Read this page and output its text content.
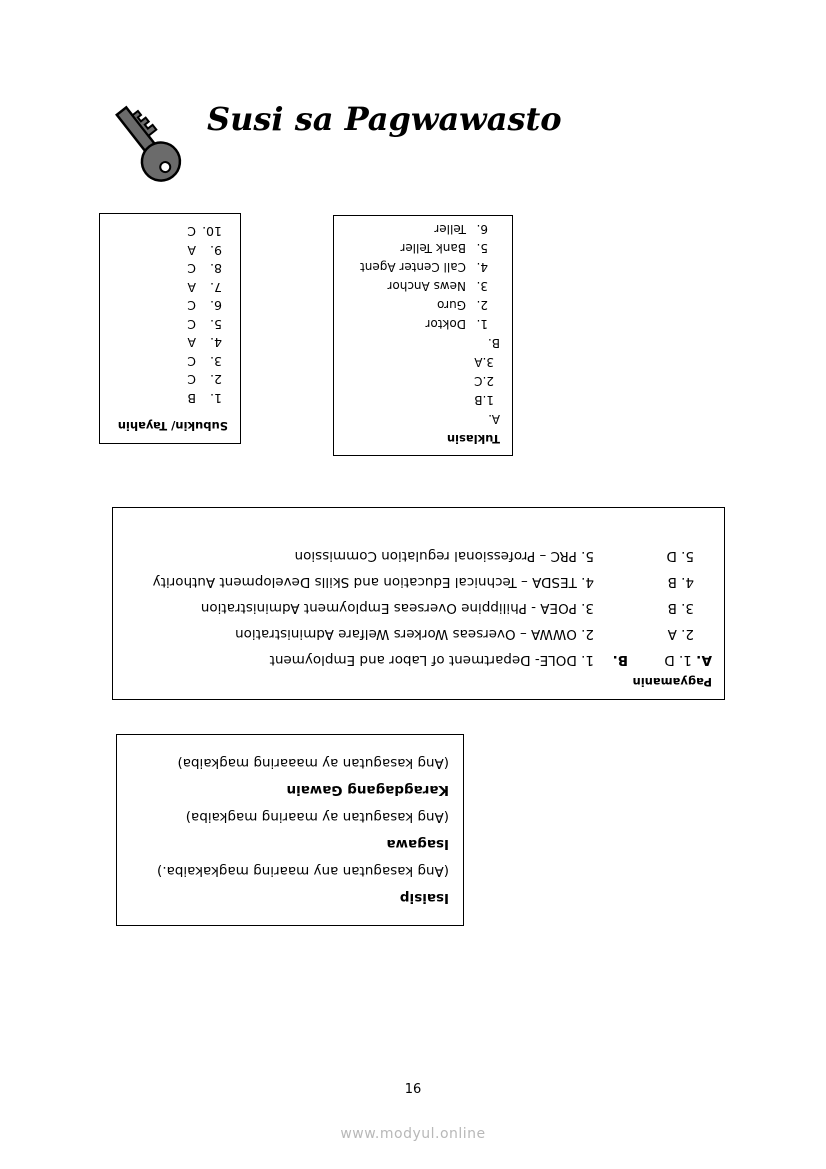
Susi sa Pagwawasto
Subukin/ Tayahin
1.B
2.C
3.C
4.A
5.C
6.C
7.A
8.C
9.A
10.C
Tuklasin
A.
1.B
2.C
3.A
B.
1.Doktor
2.Guro
3.News Anchor
4.Call Center Agent
5.Bank Teller
6.Teller
Pagyamanin
A. 1. D
B.
1. DOLE- Department of Labor and Employment
2. A
2. OWWA – Overseas Workers Welfare Administration
3. B
3. POEA - Philippine Overseas Employment Administration
4. B
4. TESDA – Technical Education and Skills Development Authority
5. D
5. PRC – Professional regulation Commission
Isaisip
(Ang kasagutan any maaring magkakaiba.)
Isagawa
(Ang kasagutan ay maaring magkaiba)
Karagdagang Gawain
(Ang kasagutan ay maaaring magkaiba)
16
www.modyul.online
